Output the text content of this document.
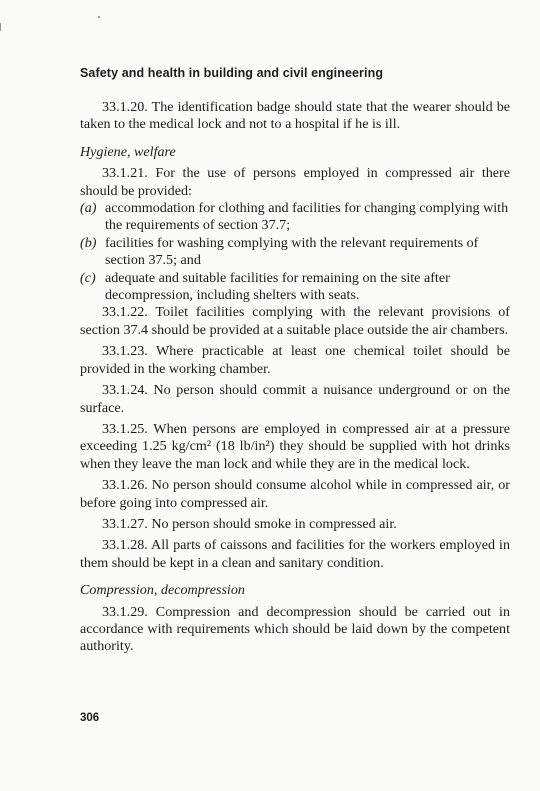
Safety and health in building and civil engineering

33.1.20. The identification badge should state that the wearer should be taken to the medical lock and not to a hospital if he is ill.

Hygiene, welfare

33.1.21. For the use of persons employed in compressed air there should be provided:

(a) accommodation for clothing and facilities for changing complying with the requirements of section 37.7;

(b) facilities for washing complying with the relevant requirements of section 37.5; and

(c) adequate and suitable facilities for remaining on the site after decompression, including shelters with seats.

33.1.22. Toilet facilities complying with the relevant provisions of section 37.4 should be provided at a suitable place outside the air chambers.

33.1.23. Where practicable at least one chemical toilet should be provided in the working chamber.

33.1.24. No person should commit a nuisance underground or on the surface.

33.1.25. When persons are employed in compressed air at a pressure exceeding 1.25 kg/cm² (18 lb/in²) they should be supplied with hot drinks when they leave the man lock and while they are in the medical lock.

33.1.26. No person should consume alcohol while in compressed air, or before going into compressed air.

33.1.27. No person should smoke in compressed air.

33.1.28. All parts of caissons and facilities for the workers employed in them should be kept in a clean and sanitary condition.

Compression, decompression

33.1.29. Compression and decompression should be carried out in accordance with requirements which should be laid down by the competent authority.

306
